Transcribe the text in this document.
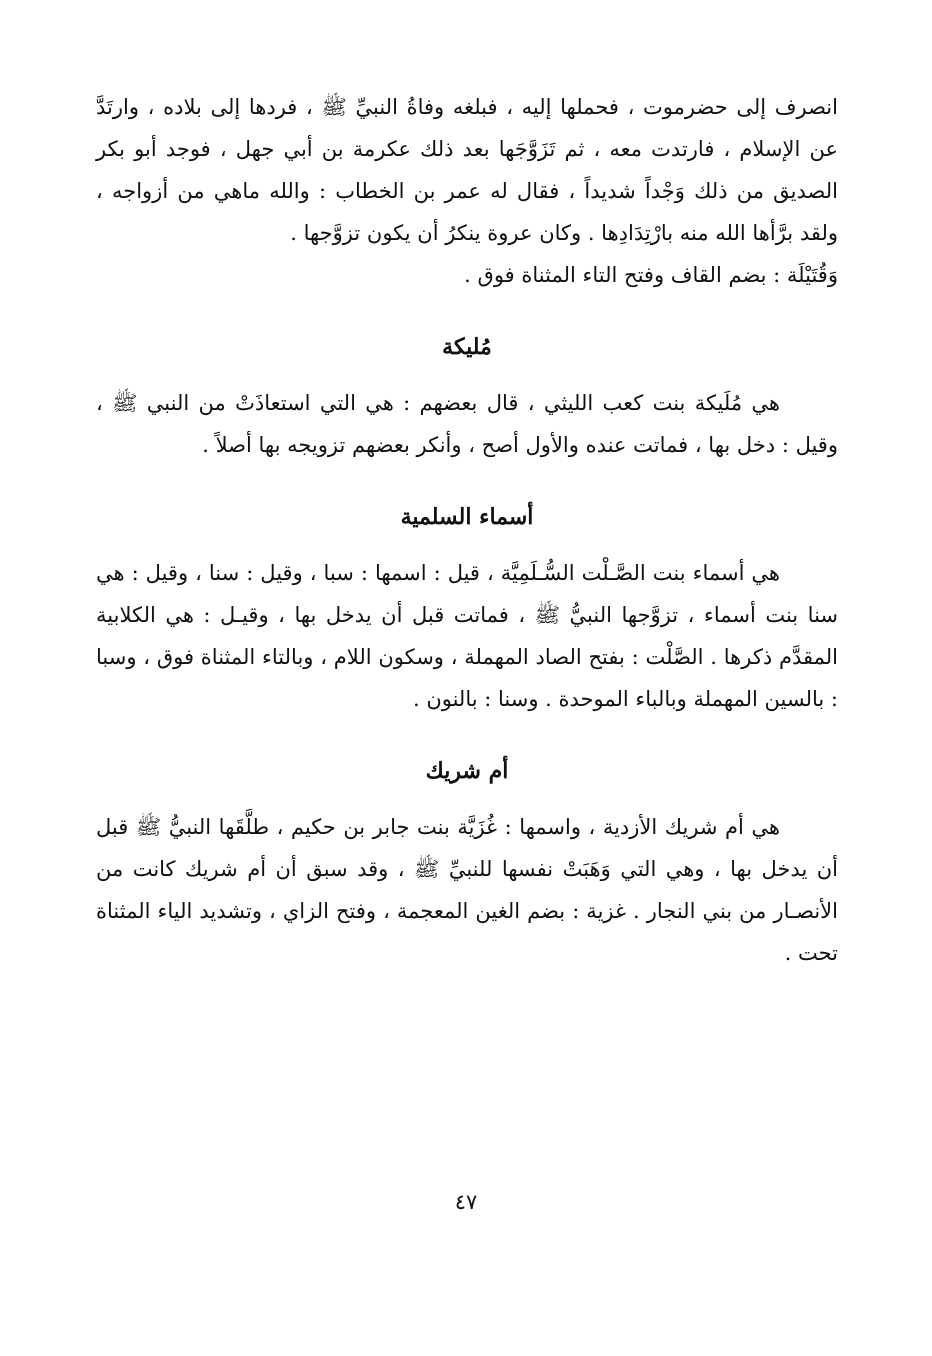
انصرف إلى حضرموت ، فحملها إليه ، فبلغه وفاةُ النبيِّ ﷺ ، فردها إلى بلاده ، وارتَدَّ عن الإسلام ، فارتدت معه ، ثم تَزَوَّجَها بعد ذلك عكرمة بن أبي جهل ، فوجد أبو بكر الصديق من ذلك وَجْداً شديداً ، فقال له عمر بن الخطاب : والله ماهي من أزواجه ، ولقد برَّأها الله منه بارْتِدَادِها . وكان عروة ينكرُ أن يكون تزوَّجها .

وَقُتَيْلَة : بضم القاف وفتح التاء المثناة فوق .

مُليكة

هي مُلَيكة بنت كعب الليثي ، قال بعضهم : هي التي استعاذَتْ من النبي ﷺ ، وقيل : دخل بها ، فماتت عنده والأول أصح ، وأنكر بعضهم تزويجه بها أصلاً .

أسماء السلمية

هي أسماء بنت الصَّـلْت السُّـلَمِيَّة ، قيل : اسمها : سبا ، وقيل : سنا ، وقيل : هي سنا بنت أسماء ، تزوَّجها النبيُّ ﷺ ، فماتت قبل أن يدخل بها ، وقيـل : هي الكلابية المقدَّم ذكرها . الصَّلْت : بفتح الصاد المهملة ، وسكون اللام ، وبالتاء المثناة فوق ، وسبا : بالسين المهملة وبالباء الموحدة . وسنا : بالنون .

أم شريك

هي أم شريك الأزدية ، واسمها : غُزَيَّة بنت جابر بن حكيم ، طلَّقَها النبيُّ ﷺ قبل أن يدخل بها ، وهي التي وَهَبَتْ نفسها للنبيِّ ﷺ ، وقد سبق أن أم شريك كانت من الأنصـار من بني النجار . غزية : بضم الغين المعجمة ، وفتح الزاي ، وتشديد الياء المثناة تحت .

٤٧
